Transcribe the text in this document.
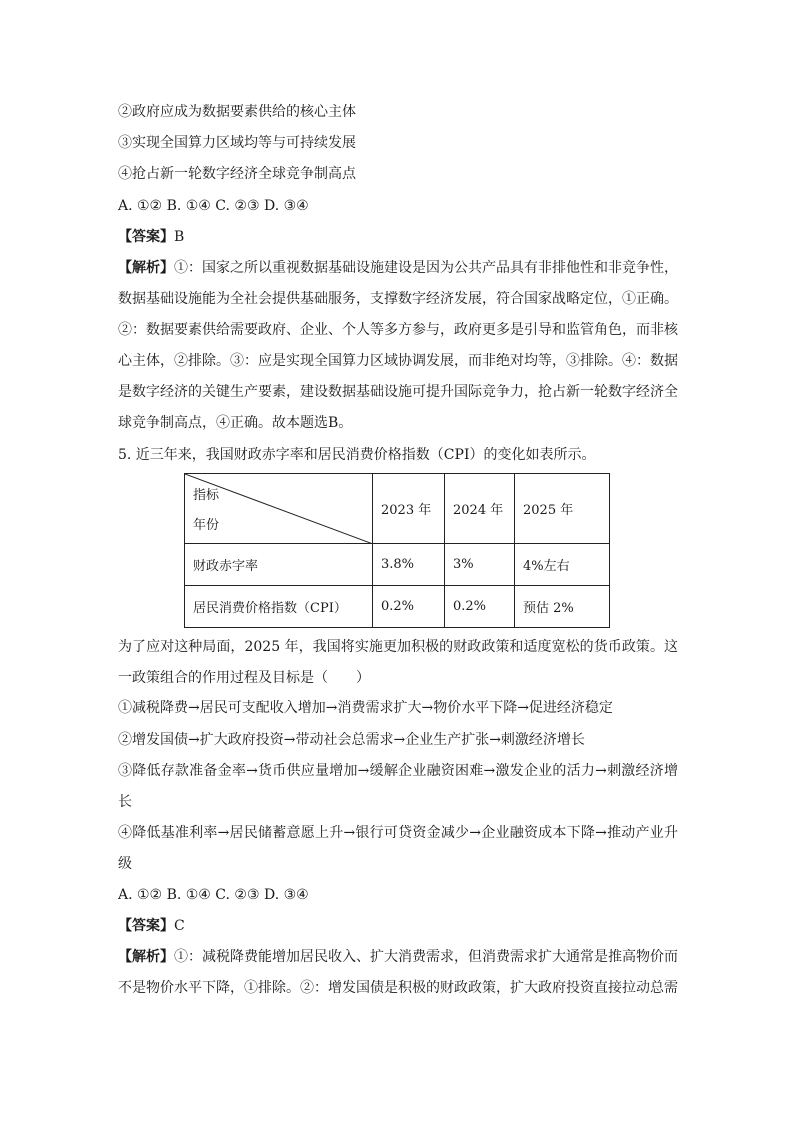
②政府应成为数据要素供给的核心主体
③实现全国算力区域均等与可持续发展
④抢占新一轮数字经济全球竞争制高点
A. ①② B. ①④ C. ②③ D. ③④
【答案】B
【解析】①：国家之所以重视数据基础设施建设是因为公共产品具有非排他性和非竞争性，数据基础设施能为全社会提供基础服务，支撑数字经济发展，符合国家战略定位，①正确。②：数据要素供给需要政府、企业、个人等多方参与，政府更多是引导和监管角色，而非核心主体，②排除。③：应是实现全国算力区域协调发展，而非绝对均等，③排除。④：数据是数字经济的关键生产要素，建设数据基础设施可提升国际竞争力，抢占新一轮数字经济全球竞争制高点，④正确。故本题选B。
5. 近三年来，我国财政赤字率和居民消费价格指数（CPI）的变化如表所示。
指标
年份	2023 年	2024 年	2025 年
财政赤字率	3.8%	3%	4%左右
居民消费价格指数（CPI）	0.2%	0.2%	预估 2%
为了应对这种局面，2025 年，我国将实施更加积极的财政政策和适度宽松的货币政策。这一政策组合的作用过程及目标是（　　）
①减税降费→居民可支配收入增加→消费需求扩大→物价水平下降→促进经济稳定
②增发国债→扩大政府投资→带动社会总需求→企业生产扩张→刺激经济增长
③降低存款准备金率→货币供应量增加→缓解企业融资困难→激发企业的活力→刺激经济增长
④降低基准利率→居民储蓄意愿上升→银行可贷资金减少→企业融资成本下降→推动产业升级
A. ①② B. ①④ C. ②③ D. ③④
【答案】C
【解析】①：减税降费能增加居民收入、扩大消费需求，但消费需求扩大通常是推高物价而不是物价水平下降，①排除。②：增发国债是积极的财政政策，扩大政府投资直接拉动总需
